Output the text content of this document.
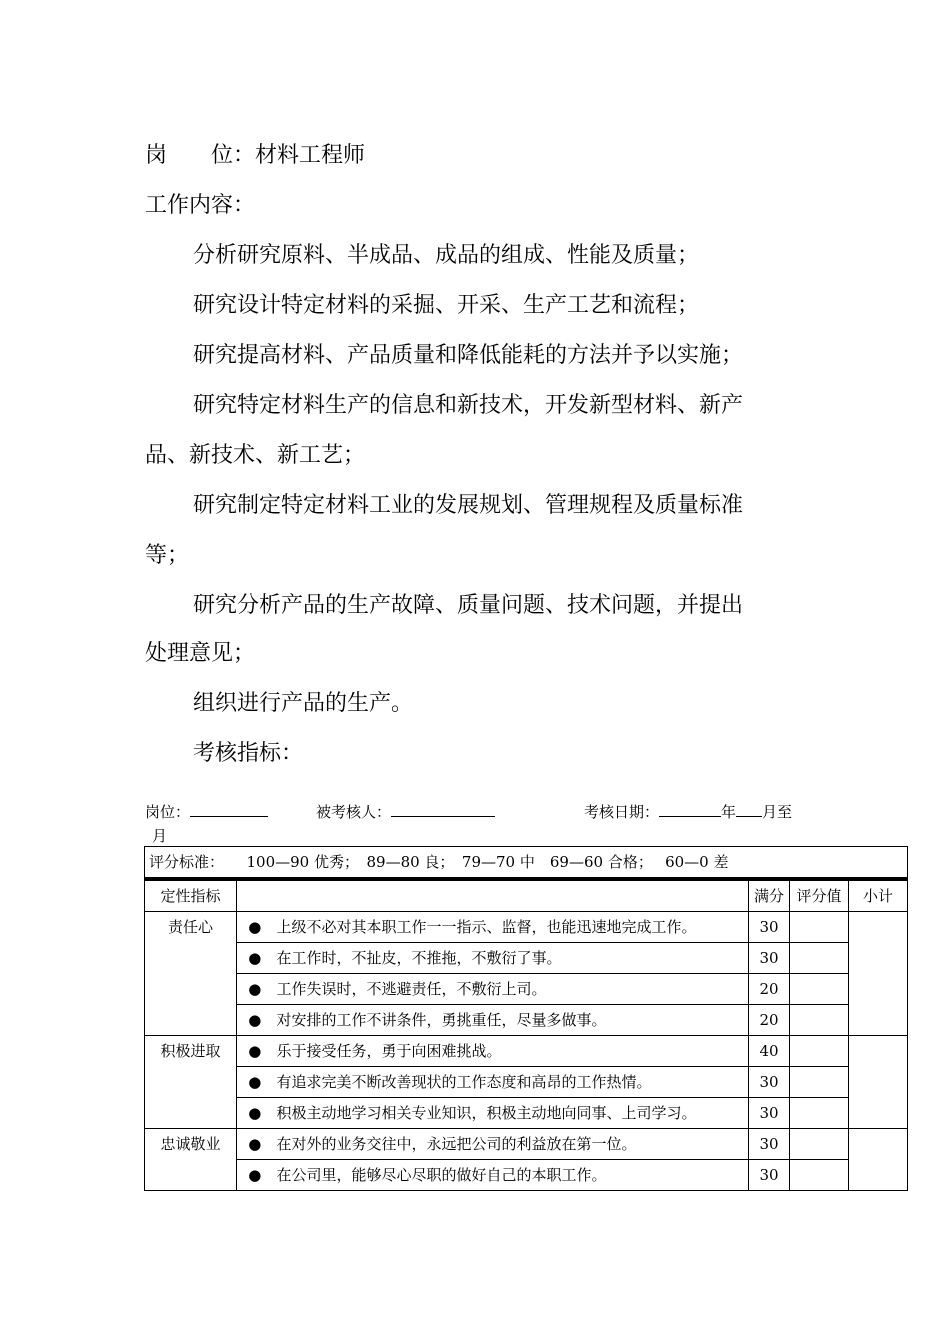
岗　　位：材料工程师
工作内容：
分析研究原料、半成品、成品的组成、性能及质量；
研究设计特定材料的采掘、开采、生产工艺和流程；
研究提高材料、产品质量和降低能耗的方法并予以实施；
研究特定材料生产的信息和新技术，开发新型材料、新产
品、新技术、新工艺；
研究制定特定材料工业的发展规划、管理规程及质量标准
等；
研究分析产品的生产故障、质量问题、技术问题，并提出
处理意见；
组织进行产品的生产。
考核指标：
岗位：	被考核人：	考核日期：	年 月至
月
评分标准：　　100—90 优秀；　89—80 良；　79—70 中　69—60 合格；　 60—0 差					
定性指标			满分	评分值	小计
责任心	●	上级不必对其本职工作一一指示、监督，也能迅速地完成工作。	30		
	●	在工作时，不扯皮，不推拖，不敷衍了事。	30		
	●	工作失误时，不逃避责任，不敷衍上司。	20		
	●	对安排的工作不讲条件，勇挑重任，尽量多做事。	20		
积极进取	●	乐于接受任务，勇于向困难挑战。	40		
	●	有追求完美不断改善现状的工作态度和高昂的工作热情。	30		
	●	积极主动地学习相关专业知识，积极主动地向同事、上司学习。	30		
忠诚敬业	●	在对外的业务交往中，永远把公司的利益放在第一位。	30		
	●	在公司里，能够尽心尽职的做好自己的本职工作。	30		
